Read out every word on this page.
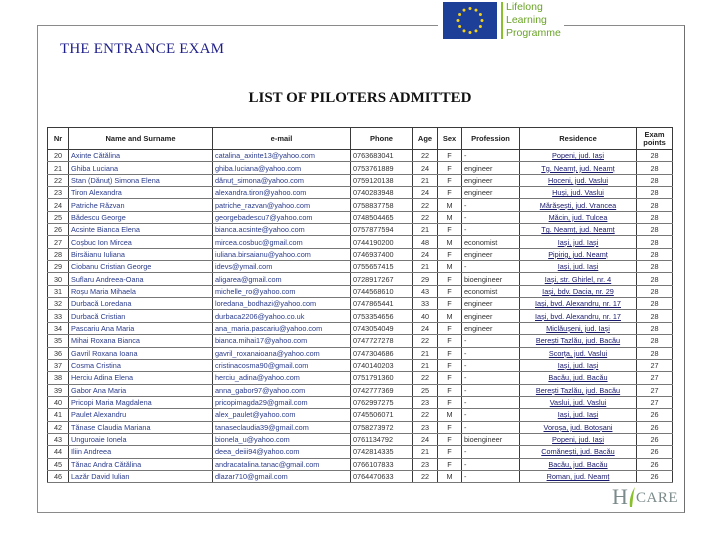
Lifelong
Learning
Programme
THE ENTRANCE EXAM
LIST OF PILOTERS ADMITTED
Nr	Name and Surname	e-mail	Phone	Age	Sex	Profession	Residence	Exam points
20	Axinte Cătălina	catalina_axinte13@yahoo.com	0763683041	22	F	-	Popeni, jud. Iași	28
21	Ghiba Luciana	ghiba.luciana@yahoo.com	0753761889	24	F	engineer	Tg. Neamț, jud. Neamț	28
22	Stan (Dănuț) Simona Elena	dănuț_simona@yahoo.com	0759120138	21	F	engineer	Hoceni, jud. Vaslui	28
23	Tiron Alexandra	alexandra.tiron@yahoo.com	0740283948	24	F	engineer	Huși, jud. Vaslui	28
24	Patriche Răzvan	patriche_razvan@yahoo.com	0758837758	22	M	-	Mărășești, jud. Vrancea	28
25	Bădescu George	georgebadescu7@yahoo.com	0748504465	22	M	-	Măcin, jud. Tulcea	28
26	Acsinte Bianca Elena	bianca.acsinte@yahoo.com	0757877594	21	F	-	Tg. Neamț, jud. Neamț	28
27	Coșbuc Ion Mircea	mircea.cosbuc@gmail.com	0744190200	48	M	economist	Iași, jud. Iași	28
28	Birsăianu Iuliana	iuliana.birsaianu@yahoo.com	0746937400	24	F	engineer	Pipirig, jud. Neamț	28
29	Ciobanu Cristian George	idevs@ymail.com	0755657415	21	M	-	Iași, jud. Iași	28
30	Suflaru Andreea-Oana	aligarea@gmail.com	0728917267	29	F	bioengineer	Iași, str. Ghirlel, nr. 4	28
31	Roșu Maria Mihaela	michelle_ro@yahoo.com	0744568610	43	F	economist	Iași, bdv. Dacia, nr. 29	28
32	Durbacă Loredana	loredana_bodhazi@yahoo.com	0747865441	33	F	engineer	Iași, bvd. Alexandru, nr. 17	28
33	Durbacă Cristian	durbaca2206@yahoo.co.uk	0753354656	40	M	engineer	Iași, bvd. Alexandru, nr. 17	28
34	Pascariu Ana Maria	ana_maria.pascariu@yahoo.com	0743054049	24	F	engineer	Miclăușeni, jud. Iași	28
35	Mihai Roxana Bianca	bianca.mihai17@yahoo.com	0747727278	22	F	-	Berești Tazlău, jud. Bacău	28
36	Gavril Roxana Ioana	gavril_roxanaioana@yahoo.com	0747304686	21	F	-	Scorța, jud. Vaslui	28
37	Cosma Cristina	cristinacosma90@gmail.com	0740140203	21	F	-	Iași, jud. Iași	27
38	Herciu Adina Elena	herciu_adina@yahoo.com	0751791360	22	F	-	Bacău, jud. Bacău	27
39	Gabor Ana Maria	anna_gabor97@yahoo.com	0742777369	25	F	-	Berești Tazlău, jud. Bacău	27
40	Pricopi Maria Magdalena	pricopimagda29@gmail.com	0762997275	23	F	-	Vaslui, jud. Vaslui	27
41	Paulet Alexandru	alex_paulet@yahoo.com	0745506071	22	M	-	Iași, jud. Iași	26
42	Tănase Claudia Mariana	tanaseclaudia39@gmail.com	0758273972	23	F	-	Voroșa, jud. Botoșani	26
43	Unguroaie Ionela	bionela_u@yahoo.com	0761134792	24	F	bioengineer	Popeni, jud. Iași	26
44	Iliin Andreea	deea_deiii94@yahoo.com	0742814335	21	F	-	Comănești, jud. Bacău	26
45	Tănac Andra Cătălina	andracatalina.tanac@gmail.com	0766107833	23	F	-	Bacău, jud. Bacău	26
46	Lazăr David Iulian	dlazar710@gmail.com	0764470633	22	M	-	Roman, jud. Neamț	26
H CARE
